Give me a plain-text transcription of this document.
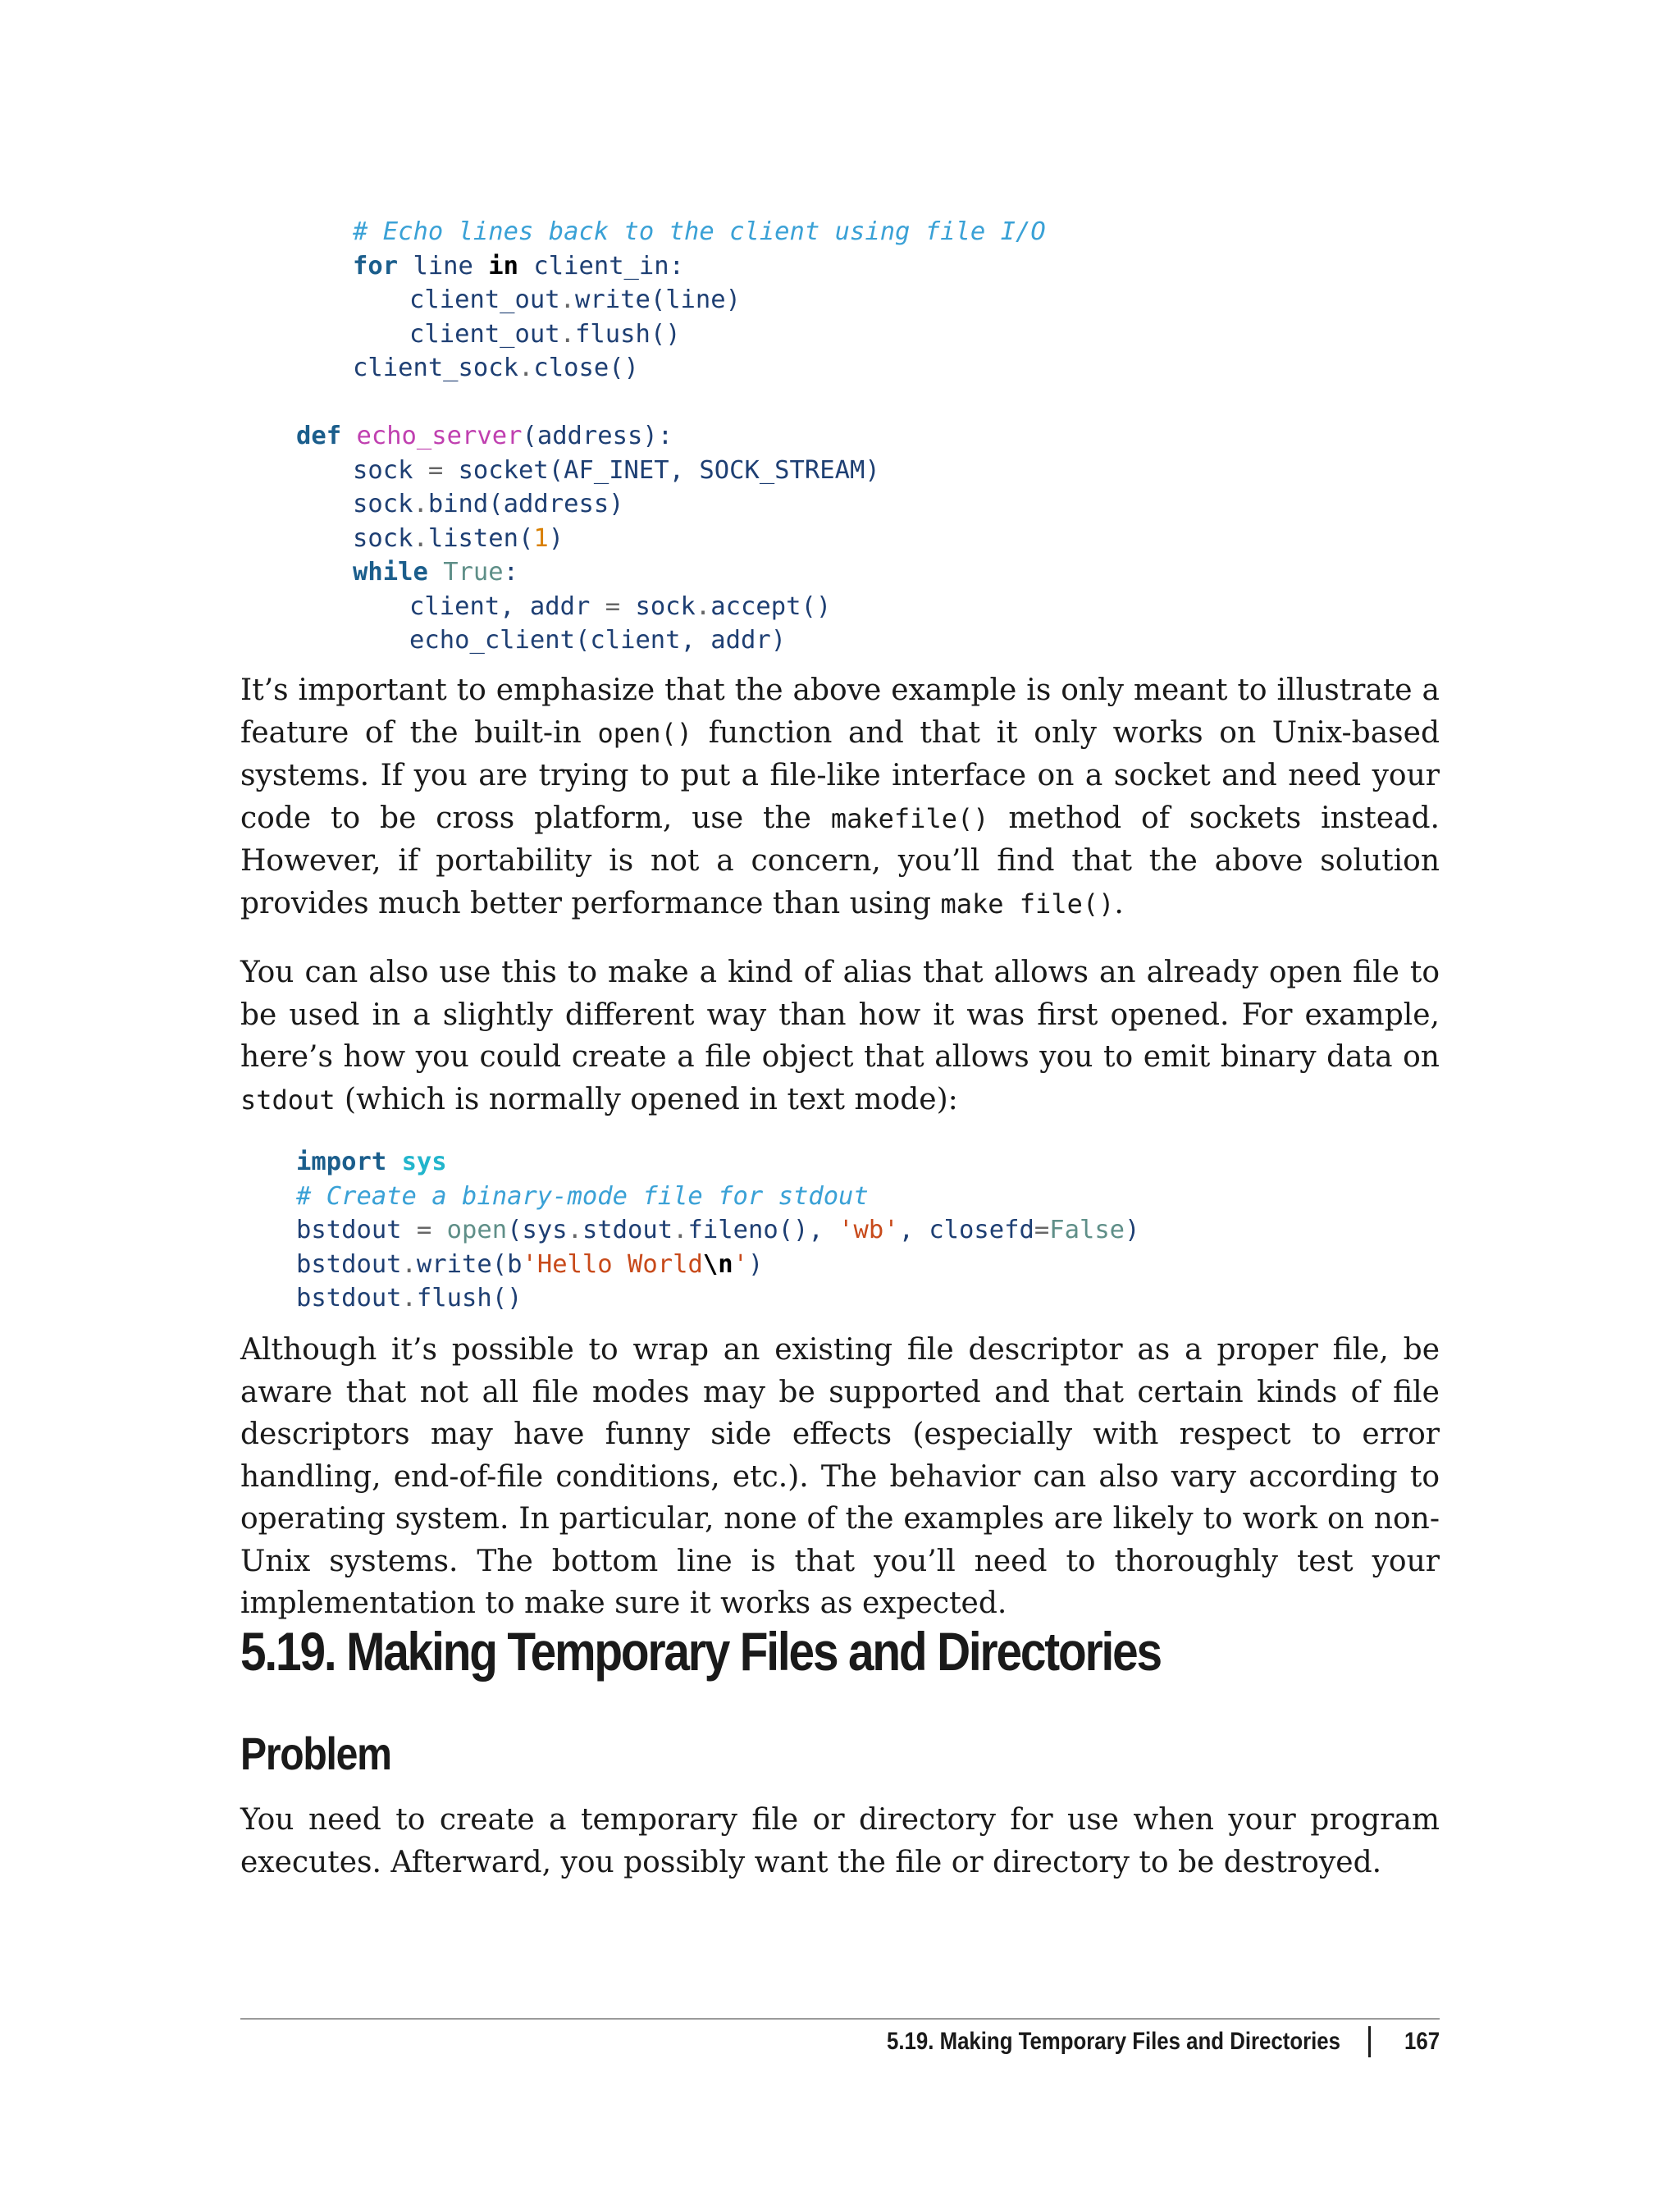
# Echo lines back to the client using file I/O
for line in client_in:
client_out.write(line)
client_out.flush()
client_sock.close()

def echo_server(address):
sock = socket(AF_INET, SOCK_STREAM)
sock.bind(address)
sock.listen(1)
while True:
client, addr = sock.accept()
echo_client(client, addr)

It’s important to emphasize that the above example is only meant to illustrate a feature of the built-in open() function and that it only works on Unix-based systems. If you are trying to put a file-like interface on a socket and need your code to be cross platform, use the makefile() method of sockets instead. However, if portability is not a concern, you’ll find that the above solution provides much better performance than using make file().

You can also use this to make a kind of alias that allows an already open file to be used in a slightly different way than how it was first opened. For example, here’s how you could create a file object that allows you to emit binary data on stdout (which is normally opened in text mode):

import sys
# Create a binary-mode file for stdout
bstdout = open(sys.stdout.fileno(), 'wb', closefd=False)
bstdout.write(b'Hello World\n')
bstdout.flush()

Although it’s possible to wrap an existing file descriptor as a proper file, be aware that not all file modes may be supported and that certain kinds of file descriptors may have funny side effects (especially with respect to error handling, end-of-file conditions, etc.). The behavior can also vary according to operating system. In particular, none of the examples are likely to work on non-Unix systems. The bottom line is that you’ll need to thoroughly test your implementation to make sure it works as expected.

5.19. Making Temporary Files and Directories
Problem

You need to create a temporary file or directory for use when your program executes. Afterward, you possibly want the file or directory to be destroyed.

5.19. Making Temporary Files and Directories	167
